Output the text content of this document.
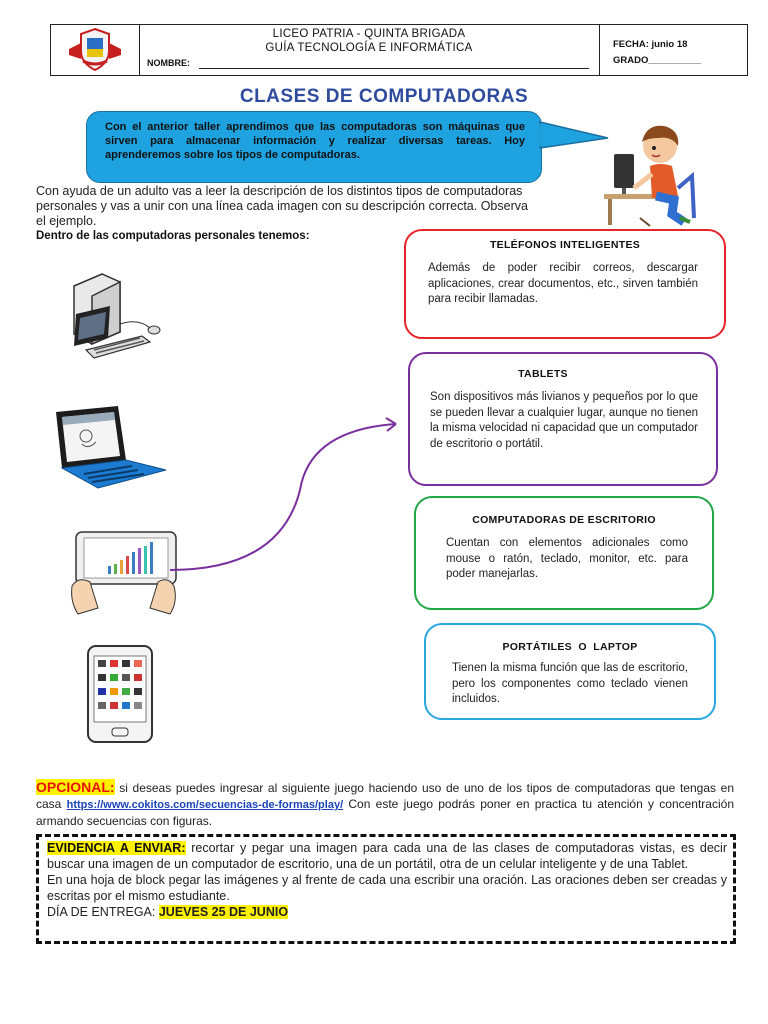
LICEO PATRIA - QUINTA BRIGADA
GUÍA TECNOLOGÍA E INFORMÁTICA
NOMBRE:
FECHA: junio 18
GRADO__________
CLASES DE COMPUTADORAS
Con el anterior taller aprendimos que las computadoras son máquinas que sirven para almacenar información y realizar diversas tareas. Hoy aprenderemos sobre los tipos de computadoras.
Con ayuda de un adulto vas a leer la descripción de los distintos tipos de computadoras personales y vas a unir con una línea cada imagen con su descripción correcta. Observa el ejemplo.
Dentro de las computadoras personales tenemos:
TELÉFONOS INTELIGENTES
Además de poder recibir correos, descargar aplicaciones, crear documentos, etc., sirven también para recibir llamadas.
TABLETS
Son dispositivos más livianos y pequeños por lo que se pueden llevar a cualquier lugar, aunque no tienen la misma velocidad ni capacidad que un computador de escritorio o portátil.
COMPUTADORAS DE ESCRITORIO
Cuentan con elementos adicionales como mouse o ratón, teclado, monitor, etc. para poder manejarlas.
PORTÁTILES  O  LAPTOP
Tienen la misma función que las de escritorio, pero los componentes como teclado vienen incluidos.
OPCIONAL: si deseas puedes ingresar al siguiente juego haciendo uso de uno de los tipos de computadoras que tengas en casa https://www.cokitos.com/secuencias-de-formas/play/ Con este juego podrás poner en practica tu atención y concentración armando secuencias con figuras.
EVIDENCIA A ENVIAR: recortar y pegar una imagen para cada una de las clases de computadoras vistas, es decir buscar una imagen de un computador de escritorio, una de un portátil, otra de un celular inteligente y de una Tablet.
En una hoja de block pegar las imágenes y al frente de cada una escribir una oración. Las oraciones deben ser creadas y escritas por el mismo estudiante.
DÍA DE ENTREGA: JUEVES 25 DE JUNIO
